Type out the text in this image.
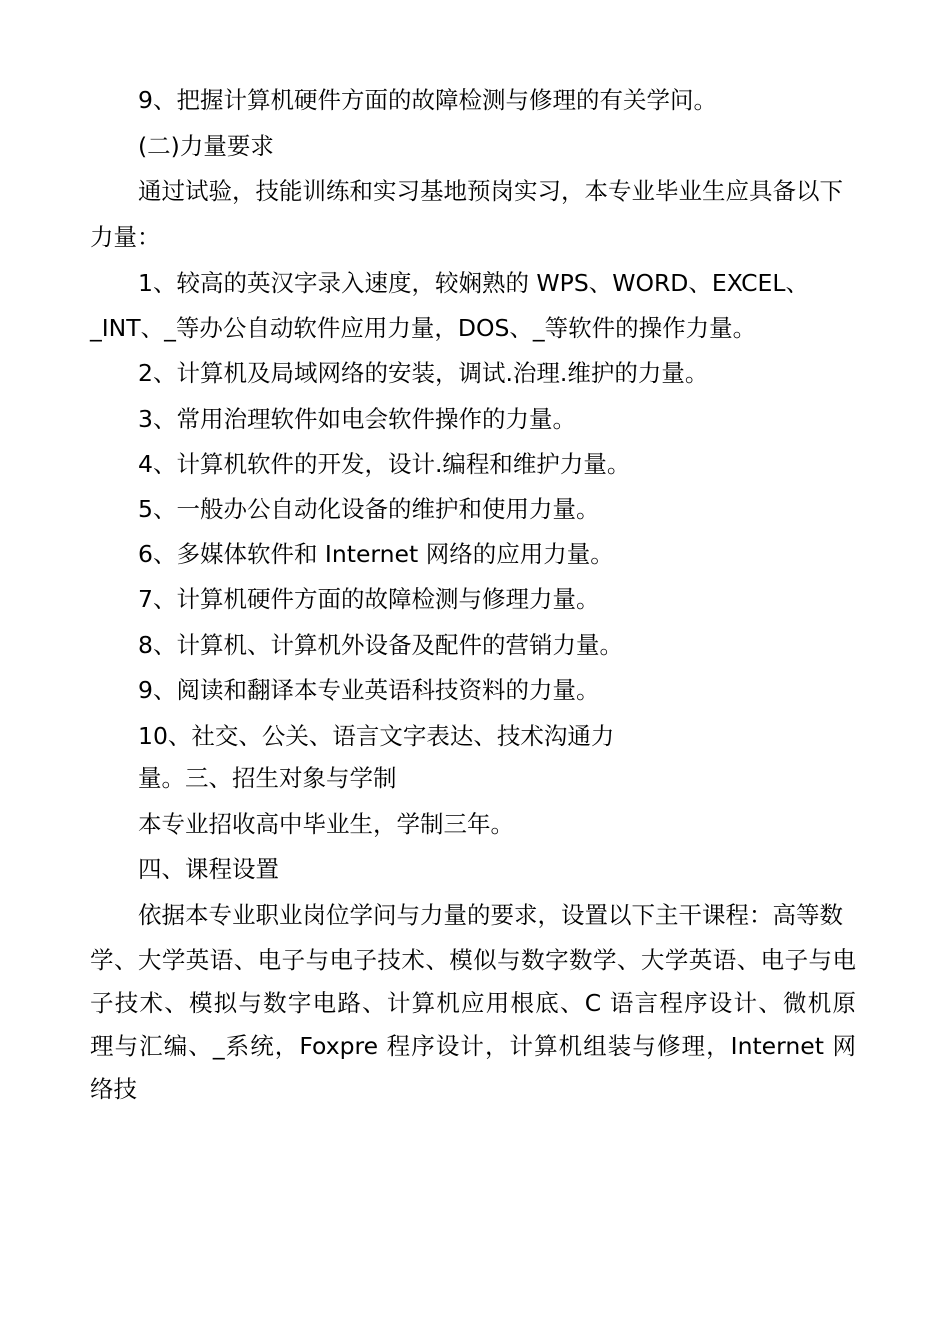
9、把握计算机硬件方面的故障检测与修理的有关学问。
(二)力量要求
通过试验，技能训练和实习基地预岗实习，本专业毕业生应具备以下
力量：
1、较高的英汉字录入速度，较娴熟的 WPS、WORD、EXCEL、
_INT、_等办公自动软件应用力量，DOS、_等软件的操作力量。
2、计算机及局域网络的安装，调试.治理.维护的力量。
3、常用治理软件如电会软件操作的力量。
4、计算机软件的开发，设计.编程和维护力量。
5、一般办公自动化设备的维护和使用力量。
6、多媒体软件和 Internet 网络的应用力量。
7、计算机硬件方面的故障检测与修理力量。
8、计算机、计算机外设备及配件的营销力量。
9、阅读和翻译本专业英语科技资料的力量。
10、社交、公关、语言文字表达、技术沟通力
量。三、招生对象与学制
本专业招收高中毕业生，学制三年。
四、课程设置
依据本专业职业岗位学问与力量的要求，设置以下主干课程：高等数
学、大学英语、电子与电子技术、模似与数字数学、大学英语、电子与电
子技术、模拟与数字电路、计算机应用根底、C 语言程序设计、微机原
理与汇编、_系统，Foxpre 程序设计，计算机组装与修理，Internet 网
络技
